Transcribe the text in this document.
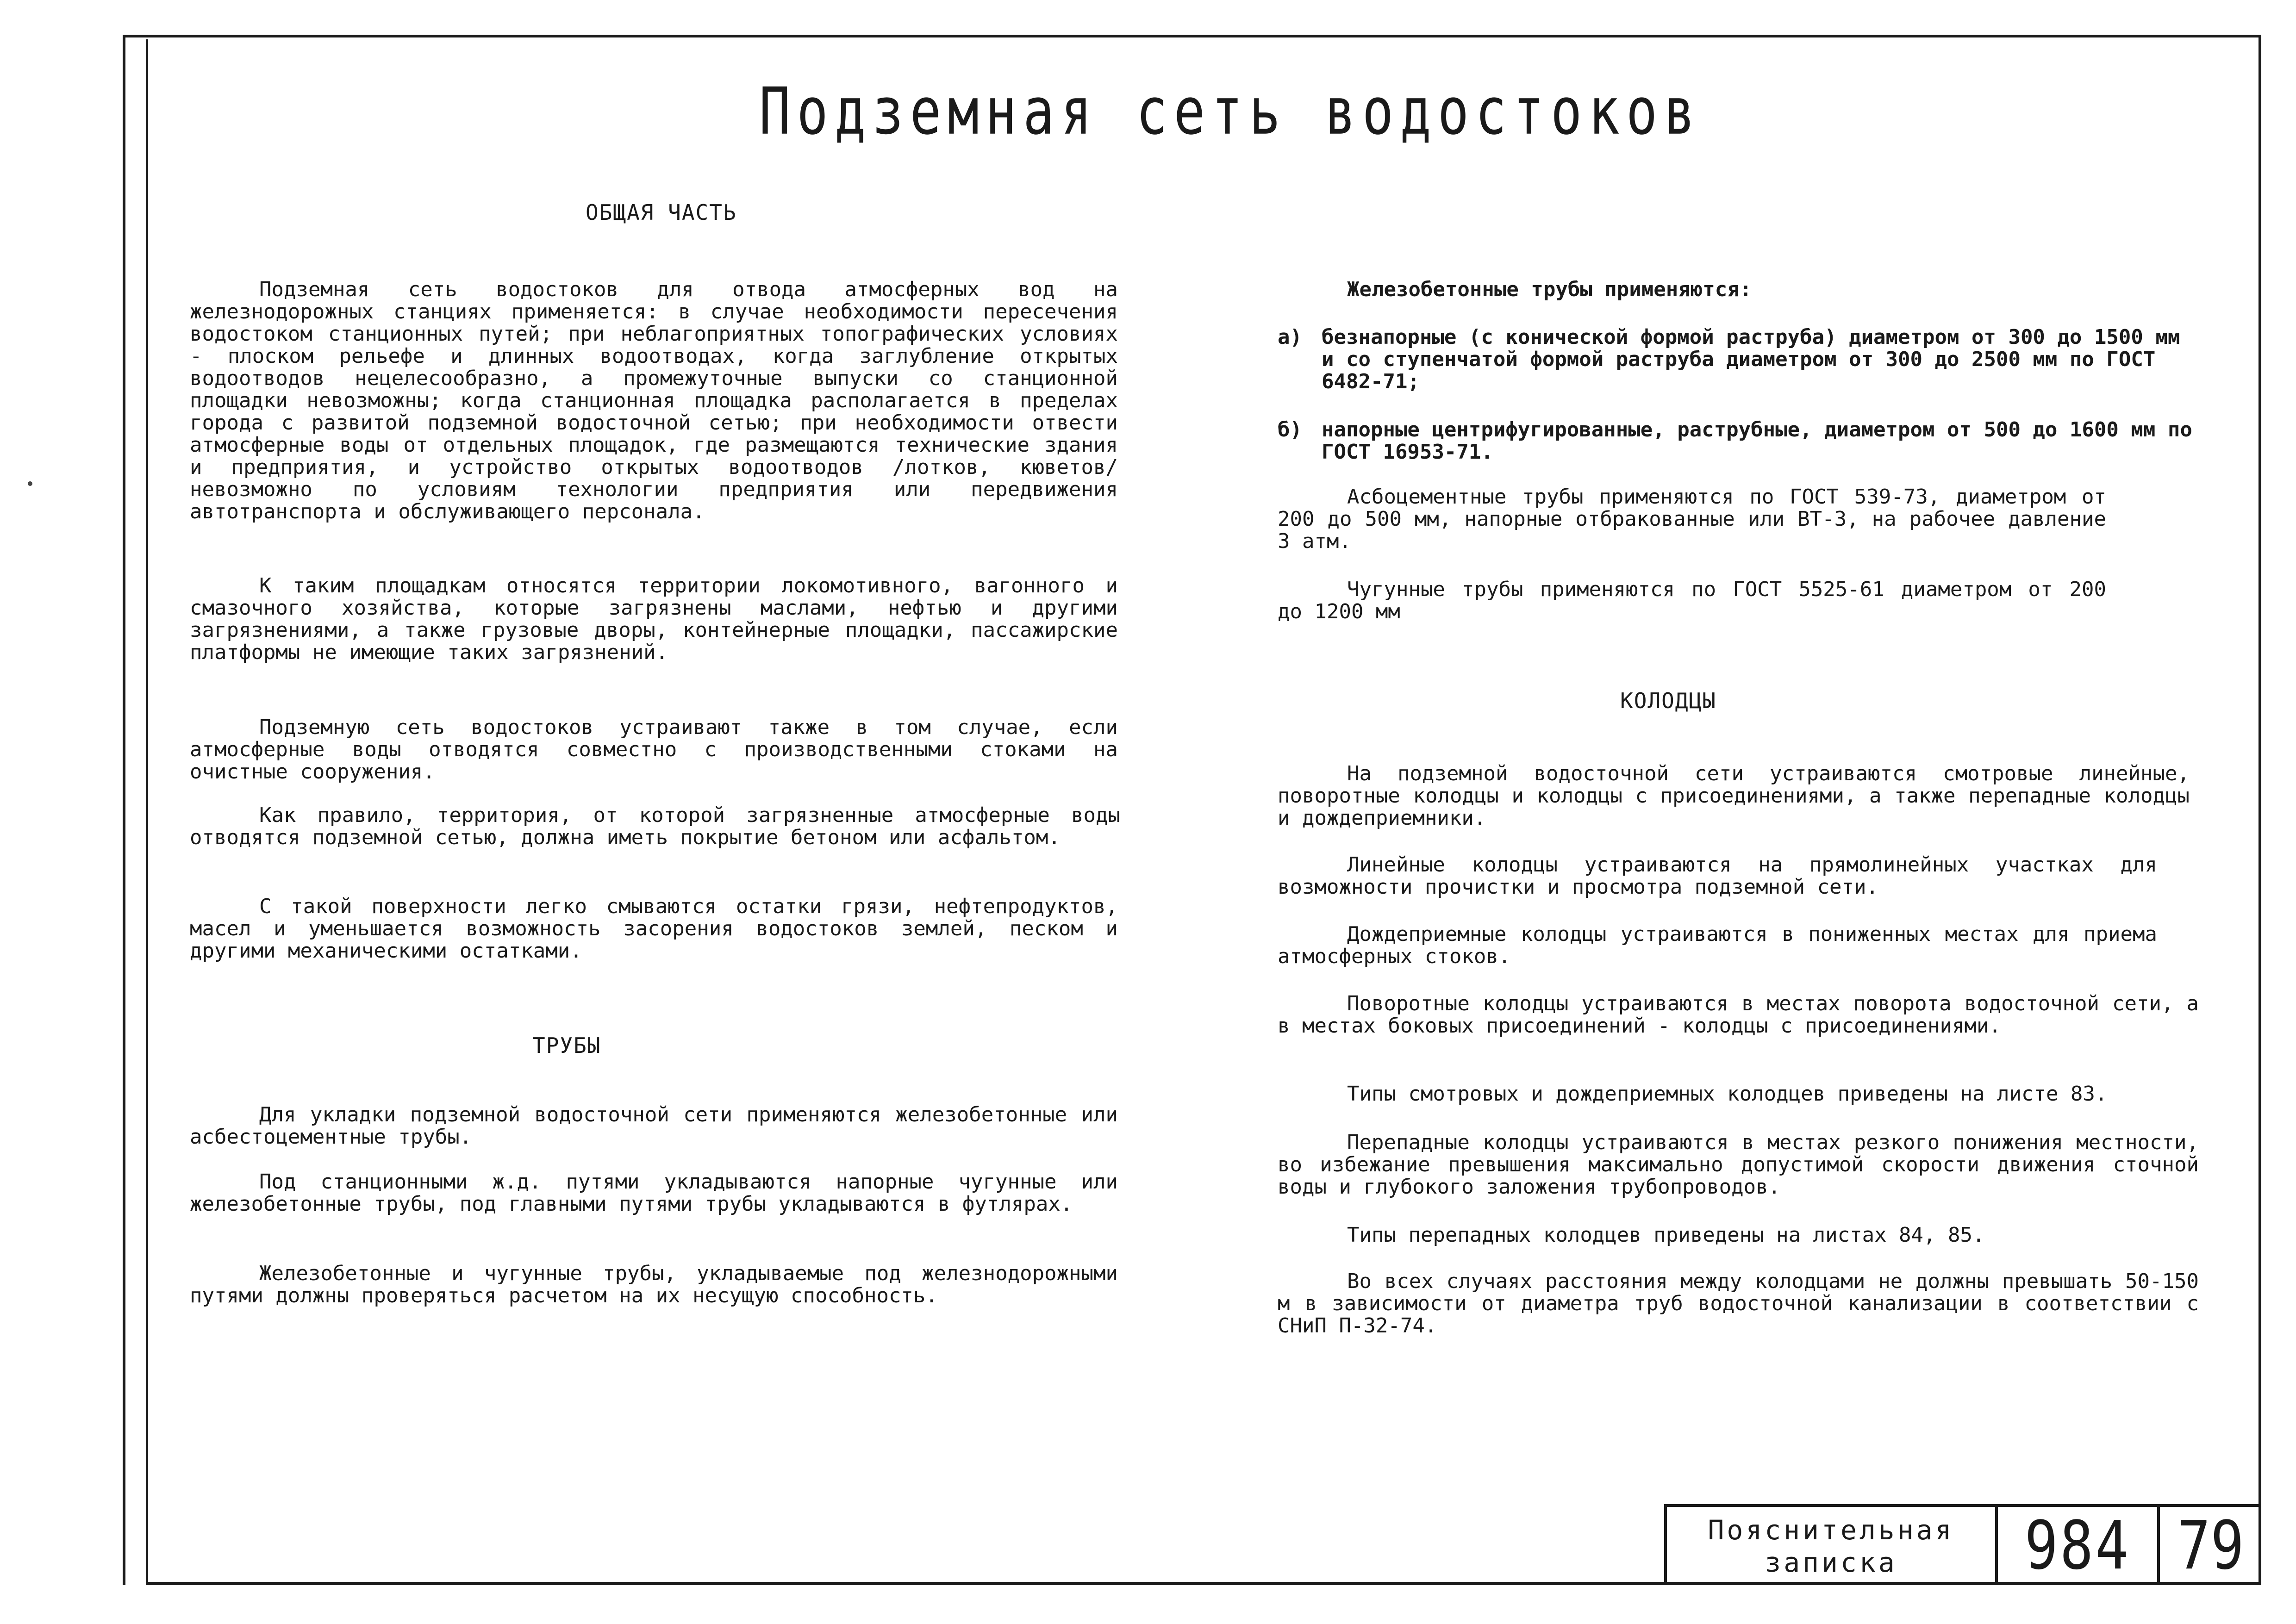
Подземная сеть водостоков
ОБЩАЯ ЧАСТЬ

Подземная сеть водостоков для отвода атмосферных вод на железнодорожных станциях применяется: в случае необходимости пересечения водостоком станционных путей; при неблагоприятных топографических условиях - плоском рельефе и длинных водоотводах, когда заглубление открытых водоотводов нецелесообразно, а промежуточные выпуски со станционной площадки невозможны; когда станционная площадка располагается в пределах города с развитой подземной водосточной сетью; при необходимости отвести атмосферные воды от отдельных площадок, где размещаются технические здания и предприятия, и устройство открытых водоотводов /лотков, кюветов/ невозможно по условиям технологии предприятия или передвижения автотранспорта и обслуживающего персонала.

К таким площадкам относятся территории локомотивного, вагонного и смазочного хозяйства, которые загрязнены маслами, нефтью и другими загрязнениями, а также грузовые дворы, контейнерные площадки, пассажирские платформы не имеющие таких загрязнений.

Подземную сеть водостоков устраивают также в том случае, если атмосферные воды отводятся совместно с производственными стоками на очистные сооружения.

Как правило, территория, от которой загрязненные атмосферные воды отводятся подземной сетью, должна иметь покрытие бетоном или асфальтом.

С такой поверхности легко смываются остатки грязи, нефтепродуктов, масел и уменьшается возможность засорения водостоков землей, песком и другими механическими остатками.

ТРУБЫ

Для укладки подземной водосточной сети применяются железобетонные или асбестоцементные трубы.

Под станционными ж.д. путями укладываются напорные чугунные или железобетонные трубы, под главными путями трубы укладываются в футлярах.

Железобетонные и чугунные трубы, укладываемые под железнодорожными путями должны проверяться расчетом на их несущую способность.

Железобетонные трубы применяются:

а) безнапорные (с конической формой раструба) диаметром от 300 до 1500 мм и со ступенчатой формой раструба диаметром от 300 до 2500 мм по ГОСТ 6482-71;

б) напорные центрифугированные, раструбные, диаметром от 500 до 1600 мм по ГОСТ 16953-71.

Асбоцементные трубы применяются по ГОСТ 539-73, диаметром от 200 до 500 мм, напорные отбракованные или ВТ-3, на рабочее давление 3 атм.

Чугунные трубы применяются по ГОСТ 5525-61 диаметром от 200 до 1200 мм

КОЛОДЦЫ

На подземной водосточной сети устраиваются смотровые линейные, поворотные колодцы и колодцы с присоединениями, а также перепадные колодцы и дождеприемники.

Линейные колодцы устраиваются на прямолинейных участках для возможности прочистки и просмотра подземной сети.

Дождеприемные колодцы устраиваются в пониженных местах для приема атмосферных стоков.

Поворотные колодцы устраиваются в местах поворота водосточной сети, а в местах боковых присоединений - колодцы с присоединениями.

Типы смотровых и дождеприемных колодцев приведены на листе 83.

Перепадные колодцы устраиваются в местах резкого понижения местности, во избежание превышения максимально допустимой скорости движения сточной воды и глубокого заложения трубопроводов.

Типы перепадных колодцев приведены на листах 84, 85.

Во всех случаях расстояния между колодцами не должны превышать 50-150 м в зависимости от диаметра труб водосточной канализации в соответствии с СНиП П-32-74.

Пояснительная
записка 984 79
